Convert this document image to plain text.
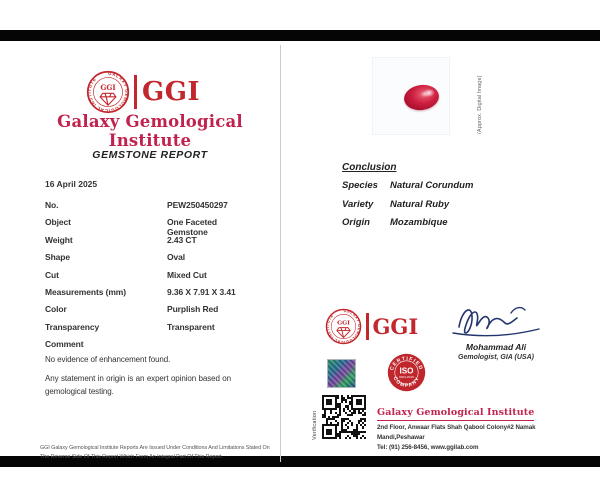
GALAXY GEMOLOGICAL INSTITUTE
GGI GGI
Galaxy Gemological Institute
GEMSTONE REPORT
16 April 2025
No.	PEW250450297
Object	One Faceted Gemstone
Weight	2.43 CT
Shape	Oval
Cut	Mixed Cut
Measurements (mm)	9.36 X 7.91 X 3.41
Color	Purplish Red
Transparency	Transparent
Comment
No evidence of enhancement found.
Any statement in origin is an expert opinion based on gemological testing.
GGI Galaxy Gemological Institute Reports Are Issued Under Conditions And Limitations Stated On The Reverse Side Of This Report Which Form An Integral Part Of This Report.
(Approx. Digital Image)
Conclusion
Species	Natural Corundum
Variety	Natural Ruby
Origin	Mozambique
GALAXY GEMOLOGICAL INSTITUTE
GGI GGI
Mohammad Ali
Gemologist, GIA (USA)
CERTIFIED
ISO
9001:2015
COMPANY
Verification	Galaxy Gemological Institute
2nd Floor, Anwaar Flats Shah Qabool Colony#2 Namak
Mandi,Peshawar
Tel: (91) 256-8456, www.ggilab.com
